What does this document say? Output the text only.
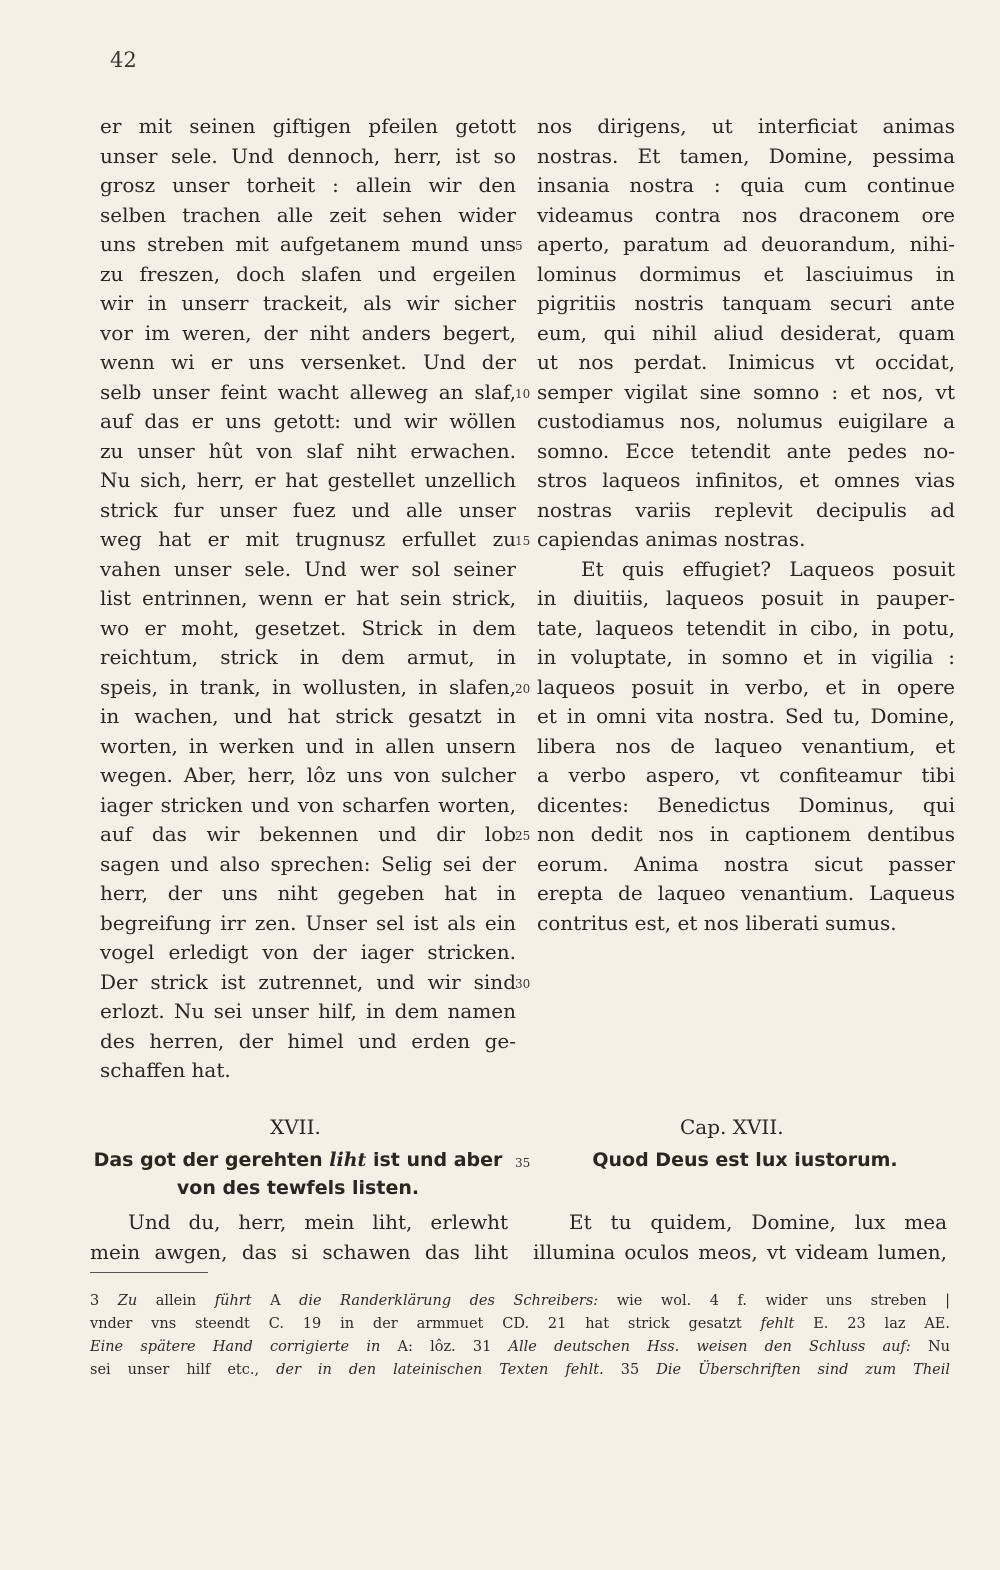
42
er mit seinen giftigen pfeilen getott
unser sele. Und dennoch, herr, ist so
grosz unser torheit : allein wir den
selben trachen alle zeit sehen wider
uns streben mit aufgetanem mund uns
zu freszen, doch slafen und ergeilen
wir in unserr trackeit, als wir sicher
vor im weren, der niht anders begert,
wenn wi er uns versenket. Und der
selb unser feint wacht alleweg an slaf,
auf das er uns getott: und wir wöllen
zu unser hût von slaf niht erwachen.
Nu sich, herr, er hat gestellet unzellich
strick fur unser fuez und alle unser
weg hat er mit trugnusz erfullet zu
vahen unser sele. Und wer sol seiner
list entrinnen, wenn er hat sein strick,
wo er moht, gesetzet. Strick in dem
reichtum, strick in dem armut, in
speis, in trank, in wollusten, in slafen,
in wachen, und hat strick gesatzt in
worten, in werken und in allen unsern
wegen. Aber, herr, lôz uns von sulcher
iager stricken und von scharfen worten,
auf das wir bekennen und dir lob
sagen und also sprechen: Selig sei der
herr, der uns niht gegeben hat in
begreifung irr zen. Unser sel ist als ein
vogel erledigt von der iager stricken.
Der strick ist zutrennet, und wir sind
erlozt. Nu sei unser hilf, in dem namen
des herren, der himel und erden ge-
schaffen hat.
nos dirigens, ut interficiat animas
nostras. Et tamen, Domine, pessima
insania nostra : quia cum continue
videamus contra nos draconem ore
aperto, paratum ad deuorandum, nihi-
lominus dormimus et lasciuimus in
pigritiis nostris tanquam securi ante
eum, qui nihil aliud desiderat, quam
ut nos perdat. Inimicus vt occidat,
semper vigilat sine somno : et nos, vt
custodiamus nos, nolumus euigilare a
somno. Ecce tetendit ante pedes no-
stros laqueos infinitos, et omnes vias
nostras variis replevit decipulis ad
capiendas animas nostras.
Et quis effugiet? Laqueos posuit
in diuitiis, laqueos posuit in pauper-
tate, laqueos tetendit in cibo, in potu,
in voluptate, in somno et in vigilia :
laqueos posuit in verbo, et in opere
et in omni vita nostra. Sed tu, Domine,
libera nos de laqueo venantium, et
a verbo aspero, vt confiteamur tibi
dicentes: Benedictus Dominus, qui
non dedit nos in captionem dentibus
eorum. Anima nostra sicut passer
erepta de laqueo venantium. Laqueus
contritus est, et nos liberati sumus.
5
10
15
20
25
30
XVII.	Cap. XVII.
Das got der gerehten liht ist und aber
von des tewfels listen.
35	Quod Deus est lux iustorum.
Und du, herr, mein liht, erlewht
mein awgen, das si schawen das liht
Et tu quidem, Domine, lux mea
illumina oculos meos, vt videam lumen,
3 Zu allein führt A die Randerklärung des Schreibers: wie wol. 4 f. wider uns streben |
vnder vns steendt C. 19 in der armmuet CD. 21 hat strick gesatzt fehlt E. 23 laz AE.
Eine spätere Hand corrigierte in A: lôz. 31 Alle deutschen Hss. weisen den Schluss auf: Nu
sei unser hilf etc., der in den lateinischen Texten fehlt. 35 Die Überschriften sind zum Theil
